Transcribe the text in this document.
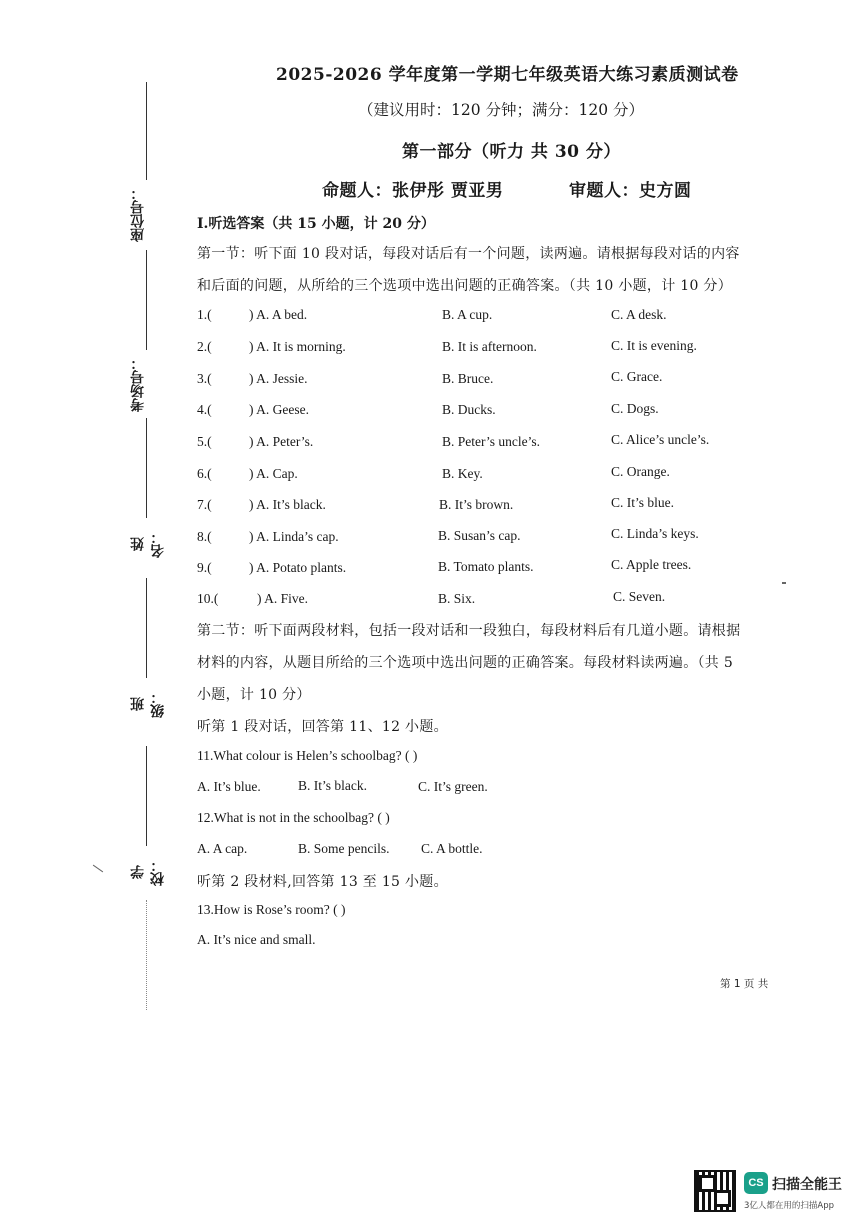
座位号：
考场号：
姓名：
班级：
学校：
2025-2026 学年度第一学期七年级英语大练习素质测试卷
（建议用时：120 分钟；满分：120 分）
第一部分（听力 共 30 分）
命题人：张伊彤 贾亚男	审题人：史方圆
I.听选答案（共 15 小题，计 20 分）
第一节：听下面 10 段对话，每段对话后有一个问题，读两遍。请根据每段对话的内容
和后面的问题，从所给的三个选项中选出问题的正确答案。（共 10 小题，计 10 分）
1.(	) A. A bed.	B. A cup.	C. A desk.
2.(	) A. It is morning.	B. It is afternoon.	C. It is evening.
3.(	) A. Jessie.	B. Bruce.	C. Grace.
4.(	) A. Geese.	B. Ducks.	C. Dogs.
5.(	) A. Peter’s.	B. Peter’s uncle’s.	C. Alice’s uncle’s.
6.(	) A. Cap.	B. Key.	C. Orange.
7.(	) A. It’s black.	B. It’s brown.	C. It’s blue.
8.(	) A. Linda’s cap.	B. Susan’s cap.	C. Linda’s keys.
9.(	) A. Potato plants.	B. Tomato plants.	C. Apple trees.
10.(	) A. Five.	B. Six.	C. Seven.
第二节：听下面两段材料，包括一段对话和一段独白，每段材料后有几道小题。请根据
材料的内容，从题目所给的三个选项中选出问题的正确答案。每段材料读两遍。（共 5
小题，计 10 分）
听第 1 段对话，回答第 11、12 小题。
11.What colour is Helen’s schoolbag? ( )
A. It’s blue.	B. It’s black.	C. It’s green.
12.What is not in the schoolbag? ( )
A. A cap.	B. Some pencils. C. A bottle.
听第 2 段材料,回答第 13 至 15 小题。
13.How is Rose’s room? ( )
A. It’s nice and small.
第 1 页 共
CS 扫描全能王
3亿人都在用的扫描App
